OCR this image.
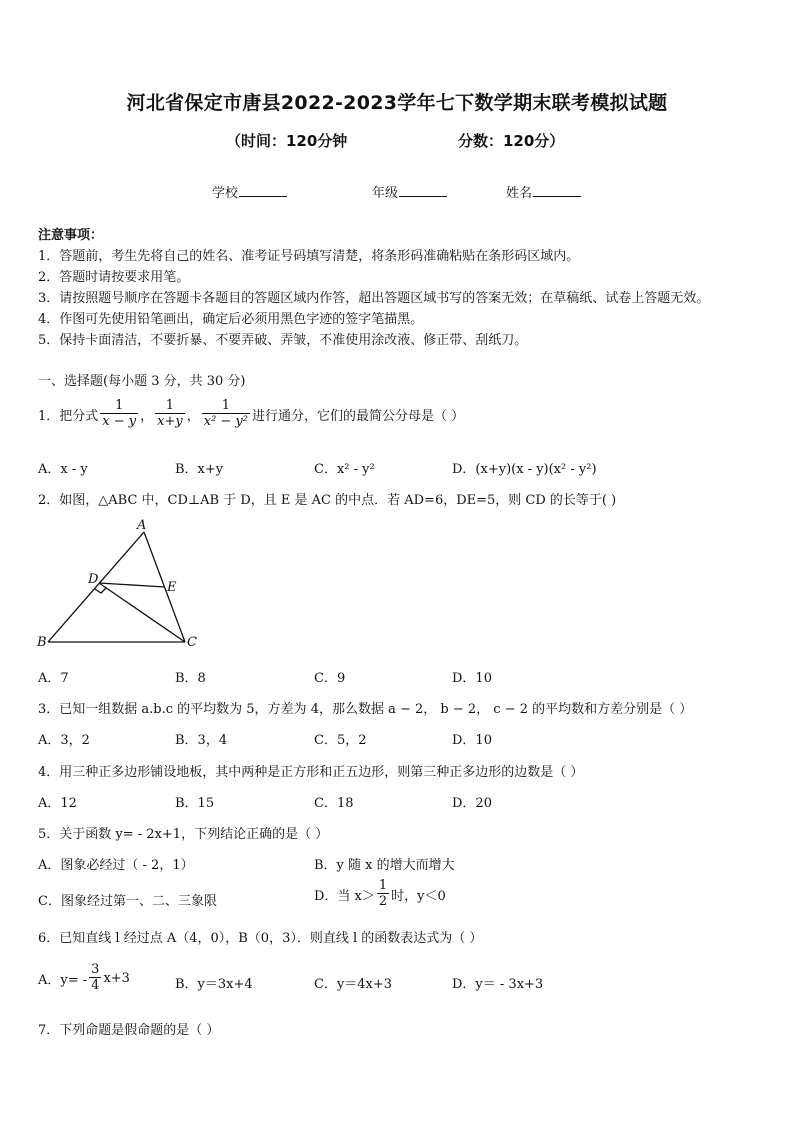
河北省保定市唐县2022-2023学年七下数学期末联考模拟试题
（时间：120分钟	分数：120分）
学校	年级	姓名
注意事项：
1．答题前，考生先将自己的姓名、准考证号码填写清楚，将条形码准确粘贴在条形码区域内。
2．答题时请按要求用笔。
3．请按照题号顺序在答题卡各题目的答题区域内作答，超出答题区域书写的答案无效；在草稿纸、试卷上答题无效。
4．作图可先使用铅笔画出，确定后必须用黑色字迹的签字笔描黑。
5．保持卡面清洁，不要折暴、不要弄破、弄皱，不准使用涂改液、修正带、刮纸刀。
一、选择题(每小题 3 分，共 30 分)
1．把分式 $\frac{1}{x - y}$ ， $\frac{1}{x+y}$ ， $\frac{1}{\text{x² − y²}}$ 进行通分，它们的最简公分母是（ ）
A．x - y	B．x+y	C．x² - y²	D．(x+y)(x - y)(x² - y²)
2．如图，△ABC 中，CD⊥AB 于 D，且 E 是 AC 的中点．若 AD=6，DE=5，则 CD 的长等于( )
A
D
E
B	C
A．7	B．8	C．9	D．10
3．已知一组数据 a.b.c 的平均数为 5，方差为 4，那么数据 a − 2， b − 2， c − 2 的平均数和方差分别是（ ）
A．3，2	B．3，4	C．5，2	D．10
4．用三种正多边形铺设地板，其中两种是正方形和正五边形，则第三种正多边形的边数是（ ）
A．12	B．15	C．18	D．20
5．关于函数 y= - 2x+1，下列结论正确的是（ ）
A．图象必经过（ - 2，1）	B．y 随 x 的增大而增大
C．图象经过第一、二、三象限	D．当 $x> \frac{1}{2}$ 时，y＜0
6．已知直线 l 经过点 A（4，0），B（0，3）．则直线 l 的函数表达式为（ ）
A．$y= - \frac{3}{4} x+3$	B．y＝3x+4	C．y＝4x+3	D．y＝ - 3x+3
7．下列命题是假命题的是（ ）
